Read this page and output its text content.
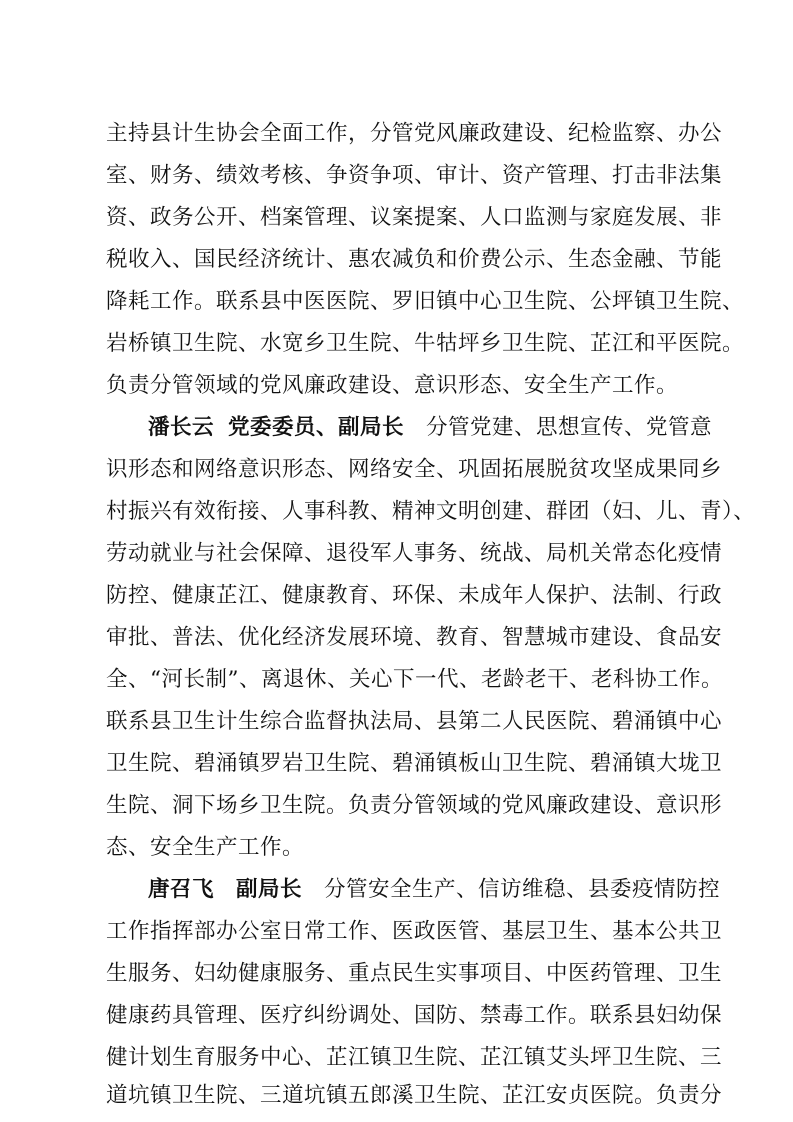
主持县计生协会全面工作，分管党风廉政建设、纪检监察、办公
室、财务、绩效考核、争资争项、审计、资产管理、打击非法集
资、政务公开、档案管理、议案提案、人口监测与家庭发展、非
税收入、国民经济统计、惠农减负和价费公示、生态金融、节能
降耗工作。联系县中医医院、罗旧镇中心卫生院、公坪镇卫生院、
岩桥镇卫生院、水宽乡卫生院、牛牯坪乡卫生院、芷江和平医院。
负责分管领域的党风廉政建设、意识形态、安全生产工作。
潘长云 党委委员、副局长 分管党建、思想宣传、党管意
识形态和网络意识形态、网络安全、巩固拓展脱贫攻坚成果同乡
村振兴有效衔接、人事科教、精神文明创建、群团（妇、儿、青）、
劳动就业与社会保障、退役军人事务、统战、局机关常态化疫情
防控、健康芷江、健康教育、环保、未成年人保护、法制、行政
审批、普法、优化经济发展环境、教育、智慧城市建设、食品安
全、“河长制”、离退休、关心下一代、老龄老干、老科协工作。
联系县卫生计生综合监督执法局、县第二人民医院、碧涌镇中心
卫生院、碧涌镇罗岩卫生院、碧涌镇板山卫生院、碧涌镇大垅卫
生院、洞下场乡卫生院。负责分管领域的党风廉政建设、意识形
态、安全生产工作。
唐召飞 副局长 分管安全生产、信访维稳、县委疫情防控
工作指挥部办公室日常工作、医政医管、基层卫生、基本公共卫
生服务、妇幼健康服务、重点民生实事项目、中医药管理、卫生
健康药具管理、医疗纠纷调处、国防、禁毒工作。联系县妇幼保
健计划生育服务中心、芷江镇卫生院、芷江镇艾头坪卫生院、三
道坑镇卫生院、三道坑镇五郎溪卫生院、芷江安贞医院。负责分
